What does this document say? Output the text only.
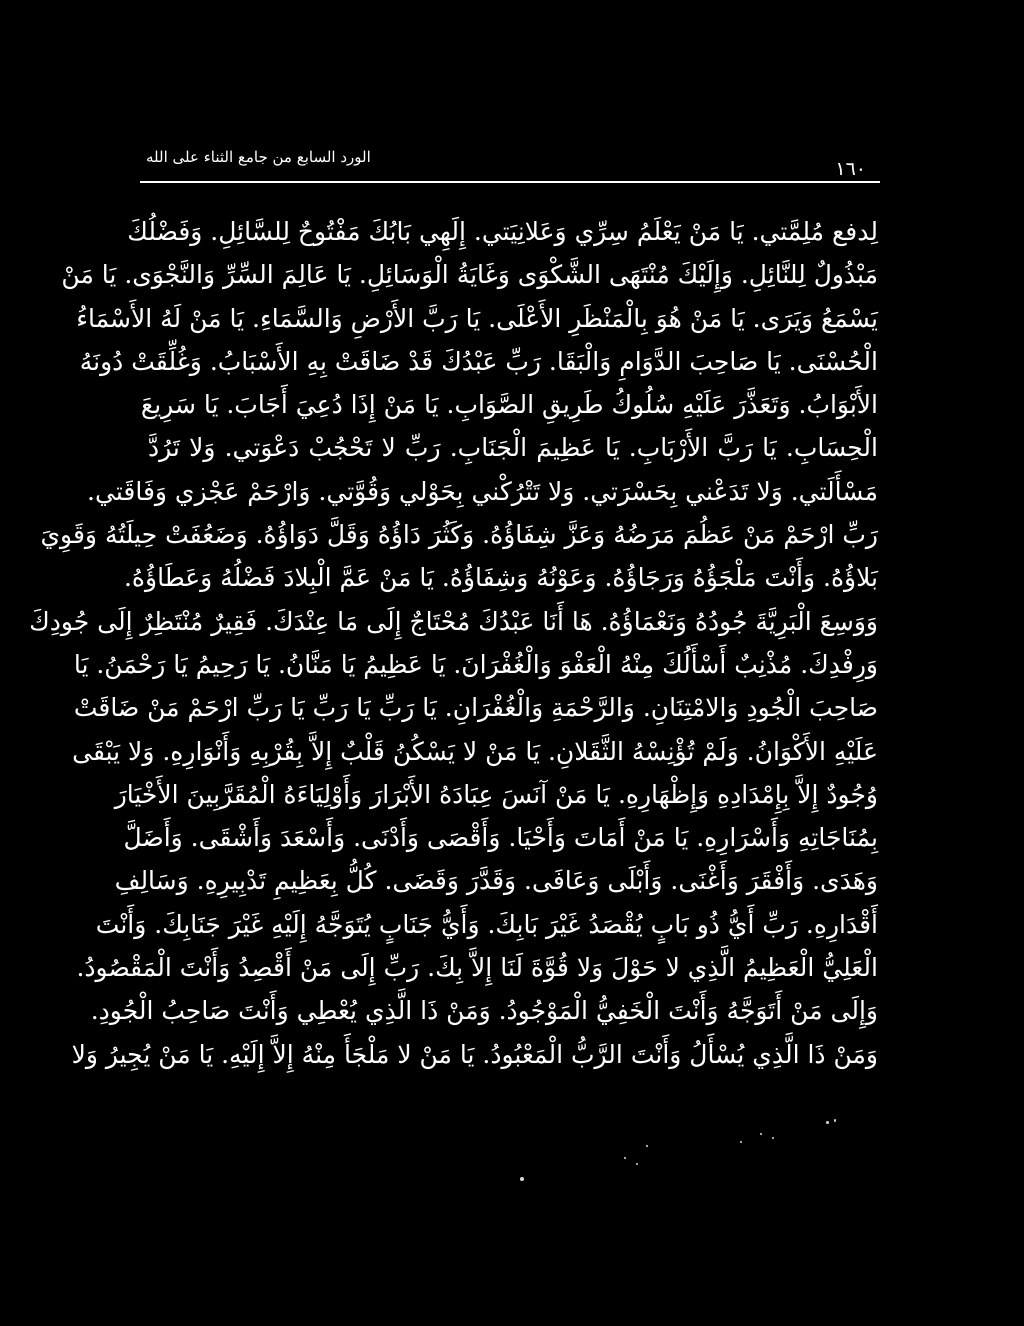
الورد السابع من جامع الثناء على الله
١٦٠
لِدفع مُلِمَّتي. يَا مَنْ يَعْلَمُ سِرِّي وَعَلانِيَتي. إِلَهِي بَابُكَ مَفْتُوحٌ لِلسَّائِلِ. وَفَضْلُكَ
مَبْذُولٌ لِلنَّائِلِ. وَإِلَيْكَ مُنْتَهَى الشَّكْوَى وَغَايَةُ الْوَسَائِلِ. يَا عَالِمَ السِّرِّ وَالنَّجْوَى. يَا مَنْ
يَسْمَعُ وَيَرَى. يَا مَنْ هُوَ بِالْمَنْظَرِ الأَعْلَى. يَا رَبَّ الأَرْضِ وَالسَّمَاءِ. يَا مَنْ لَهُ الأَسْمَاءُ
الْحُسْنَى. يَا صَاحِبَ الدَّوَامِ وَالْبَقَا. رَبِّ عَبْدُكَ قَدْ ضَاقَتْ بِهِ الأَسْبَابُ. وَغُلِّقَتْ دُونَهُ
الأَبْوَابُ. وَتَعَذَّرَ عَلَيْهِ سُلُوكُ طَرِيقِ الصَّوَابِ. يَا مَنْ إِذَا دُعِيَ أَجَابَ. يَا سَرِيعَ
الْحِسَابِ. يَا رَبَّ الأَرْبَابِ. يَا عَظِيمَ الْجَنَابِ. رَبِّ لا تَحْجُبْ دَعْوَتي. وَلا تَرُدَّ
مَسْأَلَتي. وَلا تَدَعْني بِحَسْرَتي. وَلا تَتْرُكْني بِحَوْلي وَقُوَّتي. وَارْحَمْ عَجْزي وَفَاقَتي.
رَبِّ ارْحَمْ مَنْ عَظُمَ مَرَضُهُ وَعَزَّ شِفَاؤُهُ. وَكَثُرَ دَاؤُهُ وَقَلَّ دَوَاؤُهُ. وَضَعُفَتْ حِيلَتُهُ وَقَوِيَ
بَلاؤُهُ. وَأَنْتَ مَلْجَؤُهُ وَرَجَاؤُهُ. وَعَوْنُهُ وَشِفَاؤُهُ. يَا مَنْ عَمَّ الْبِلادَ فَضْلُهُ وَعَطَاؤُهُ.
وَوَسِعَ الْبَرِيَّةَ جُودُهُ وَنَعْمَاؤُهُ. هَا أَنَا عَبْدُكَ مُحْتَاجٌ إِلَى مَا عِنْدَكَ. فَقِيرٌ مُنْتَظِرٌ إِلَى جُودِكَ
وَرِفْدِكَ. مُذْنِبٌ أَسْأَلُكَ مِنْهُ الْعَفْوَ وَالْغُفْرَانَ. يَا عَظِيمُ يَا مَنَّانُ. يَا رَحِيمُ يَا رَحْمَنُ. يَا
صَاحِبَ الْجُودِ وَالامْتِنَانِ. وَالرَّحْمَةِ وَالْغُفْرَانِ. يَا رَبِّ يَا رَبِّ يَا رَبِّ ارْحَمْ مَنْ ضَاقَتْ
عَلَيْهِ الأَكْوَانُ. وَلَمْ تُؤْنِسْهُ الثَّقَلانِ. يَا مَنْ لا يَسْكُنُ قَلْبٌ إِلاَّ بِقُرْبِهِ وَأَنْوَارِهِ. وَلا يَبْقَى
وُجُودٌ إِلاَّ بِإِمْدَادِهِ وَإِظْهَارِهِ. يَا مَنْ آنَسَ عِبَادَهُ الأَبْرَارَ وَأَوْلِيَاءَهُ الْمُقَرَّبِينَ الأَخْيَارَ
بِمُنَاجَاتِهِ وَأَسْرَارِهِ. يَا مَنْ أَمَاتَ وَأَحْيَا. وَأَقْصَى وَأَدْنَى. وَأَسْعَدَ وَأَشْقَى. وَأَضَلَّ
وَهَدَى. وَأَفْقَرَ وَأَغْنَى. وَأَبْلَى وَعَافَى. وَقَدَّرَ وَقَضَى. كُلُّ بِعَظِيمِ تَدْبِيرِهِ. وَسَالِفِ
أَقْدَارِهِ. رَبِّ أَيُّ ذُو بَابٍ يُقْصَدُ غَيْرَ بَابِكَ. وَأَيُّ جَنَابٍ يُتَوَجَّهُ إِلَيْهِ غَيْرَ جَنَابِكَ. وَأَنْتَ
الْعَلِيُّ الْعَظِيمُ الَّذِي لا حَوْلَ وَلا قُوَّةَ لَنَا إِلاَّ بِكَ. رَبِّ إِلَى مَنْ أَقْصِدُ وَأَنْتَ الْمَقْصُودُ.
وَإِلَى مَنْ أَتَوَجَّهُ وَأَنْتَ الْخَفِيُّ الْمَوْجُودُ. وَمَنْ ذَا الَّذِي يُعْطِي وَأَنْتَ صَاحِبُ الْجُودِ.
وَمَنْ ذَا الَّذِي يُسْأَلُ وَأَنْتَ الرَّبُّ الْمَعْبُودُ. يَا مَنْ لا مَلْجَأَ مِنْهُ إِلاَّ إِلَيْهِ. يَا مَنْ يُجِيرُ وَلا
